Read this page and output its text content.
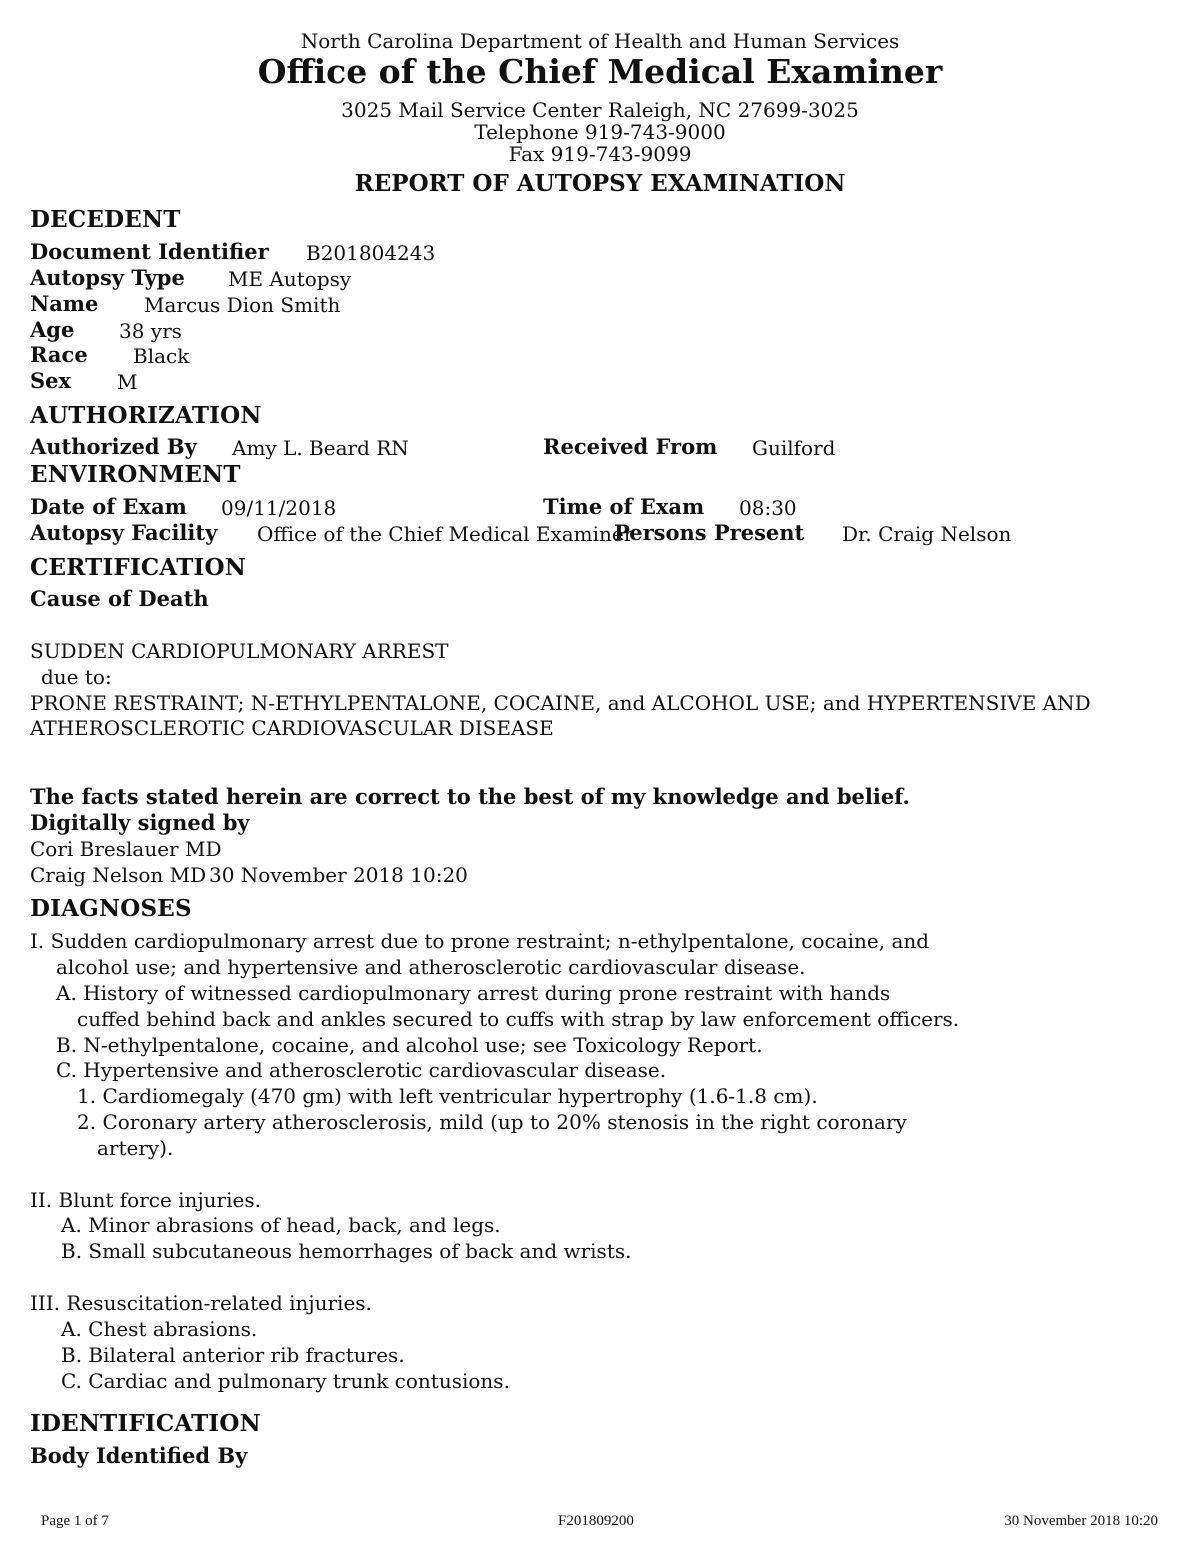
North Carolina Department of Health and Human Services
Office of the Chief Medical Examiner
3025 Mail Service Center Raleigh, NC 27699-3025
Telephone 919-743-9000
Fax 919-743-9099
REPORT OF AUTOPSY EXAMINATION
DECEDENT
Document Identifier B201804243
Autopsy Type ME Autopsy
Name Marcus Dion Smith
Age 38 yrs
Race Black
Sex M
AUTHORIZATION
Authorized By Amy L. Beard RN	Received From Guilford
ENVIRONMENT
Date of Exam 09/11/2018	Time of Exam 08:30
Autopsy Facility Office of the Chief Medical Examiner
Persons Present Dr. Craig Nelson
CERTIFICATION
Cause of Death
SUDDEN CARDIOPULMONARY ARREST
due to:
PRONE RESTRAINT; N-ETHYLPENTALONE, COCAINE, and ALCOHOL USE; and HYPERTENSIVE AND
ATHEROSCLEROTIC CARDIOVASCULAR DISEASE
The facts stated herein are correct to the best of my knowledge and belief.
Digitally signed by
Cori Breslauer MD
Craig Nelson MD 30 November 2018 10:20
DIAGNOSES
I. Sudden cardiopulmonary arrest due to prone restraint; n-ethylpentalone, cocaine, and
alcohol use; and hypertensive and atherosclerotic cardiovascular disease.
A. History of witnessed cardiopulmonary arrest during prone restraint with hands
cuffed behind back and ankles secured to cuffs with strap by law enforcement officers.
B. N-ethylpentalone, cocaine, and alcohol use; see Toxicology Report.
C. Hypertensive and atherosclerotic cardiovascular disease.
1. Cardiomegaly (470 gm) with left ventricular hypertrophy (1.6-1.8 cm).
2. Coronary artery atherosclerosis, mild (up to 20% stenosis in the right coronary
artery).
II. Blunt force injuries.
A. Minor abrasions of head, back, and legs.
B. Small subcutaneous hemorrhages of back and wrists.
III. Resuscitation-related injuries.
A. Chest abrasions.
B. Bilateral anterior rib fractures.
C. Cardiac and pulmonary trunk contusions.
IDENTIFICATION
Body Identified By
Page 1 of 7	F201809200	30 November 2018 10:20
